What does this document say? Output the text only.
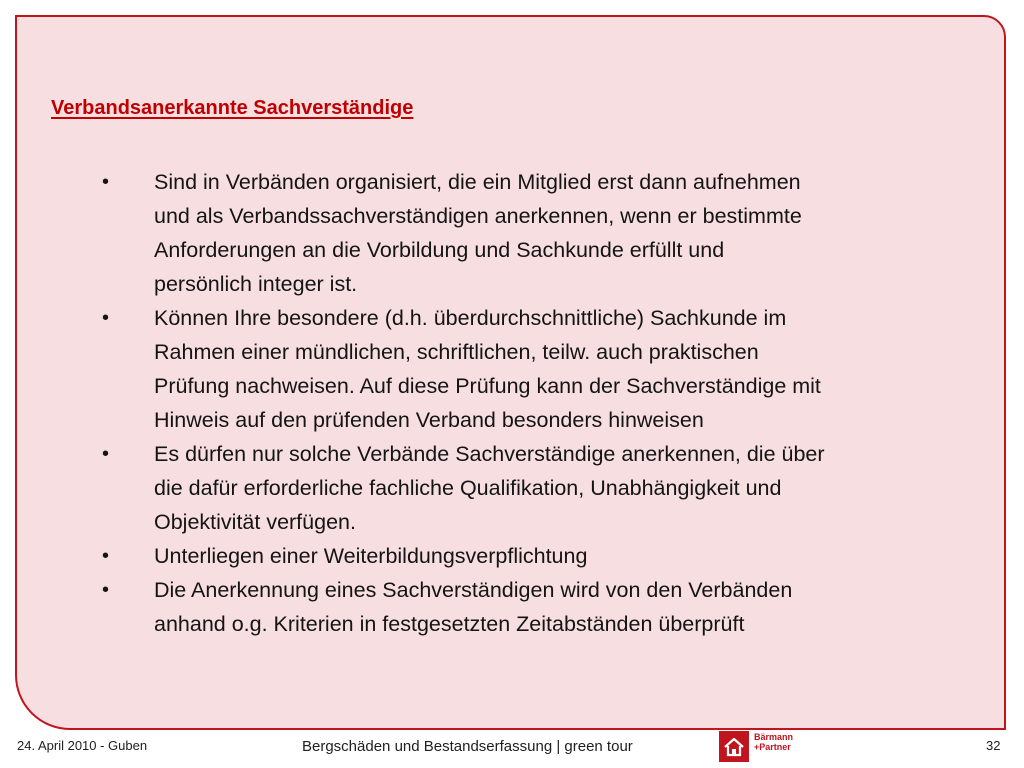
Verbandsanerkannte Sachverständige
• Sind in Verbänden organisiert, die ein Mitglied erst dann aufnehmen
und als Verbandssachverständigen anerkennen, wenn er bestimmte
Anforderungen an die Vorbildung und Sachkunde erfüllt und
persönlich integer ist.
• Können Ihre besondere (d.h. überdurchschnittliche) Sachkunde im
Rahmen einer mündlichen, schriftlichen, teilw. auch praktischen
Prüfung nachweisen. Auf diese Prüfung kann der Sachverständige mit
Hinweis auf den prüfenden Verband besonders hinweisen
• Es dürfen nur solche Verbände Sachverständige anerkennen, die über
die dafür erforderliche fachliche Qualifikation, Unabhängigkeit und
Objektivität verfügen.
• Unterliegen einer Weiterbildungsverpflichtung
• Die Anerkennung eines Sachverständigen wird von den Verbänden
anhand o.g. Kriterien in festgesetzten Zeitabständen überprüft
24. April 2010 - Guben	Bergschäden und Bestandserfassung | green tour
Bärmann
+Partner	32
